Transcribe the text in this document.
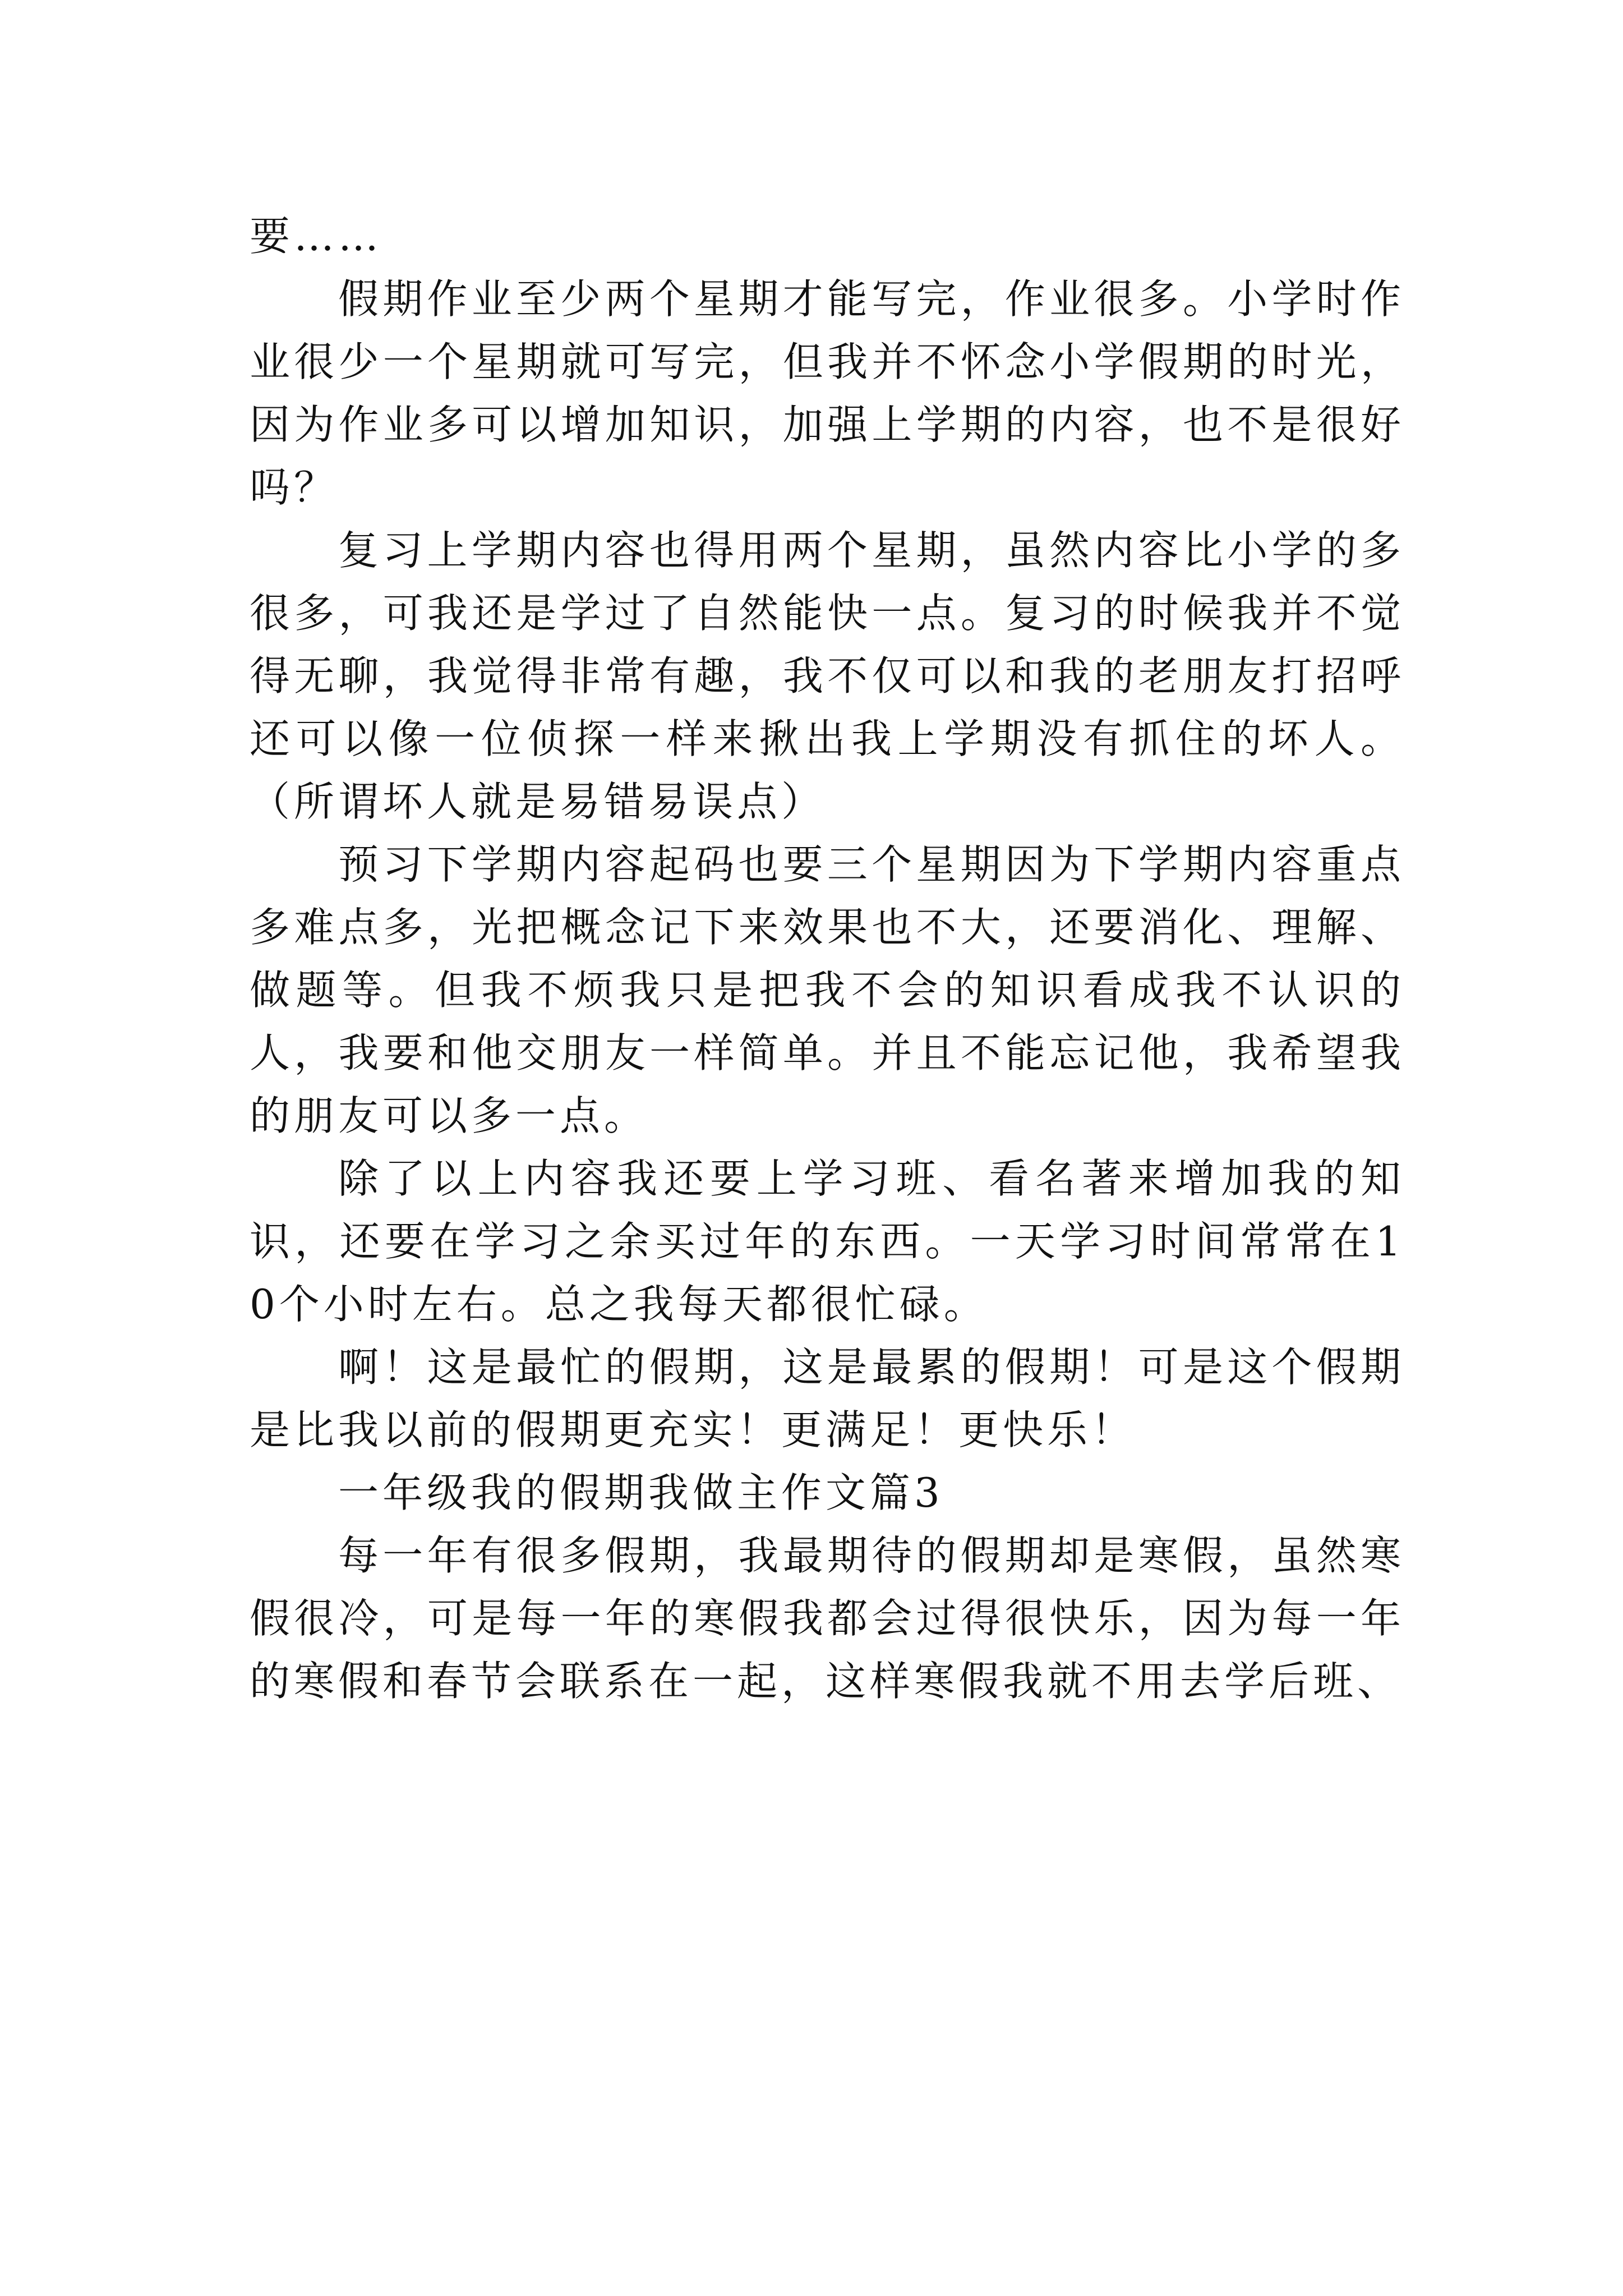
要……

假期作业至少两个星期才能写完，作业很多。小学时作业很少一个星期就可写完，但我并不怀念小学假期的时光，因为作业多可以增加知识，加强上学期的内容，也不是很好吗？

复习上学期内容也得用两个星期，虽然内容比小学的多很多，可我还是学过了自然能快一点。复习的时候我并不觉得无聊，我觉得非常有趣，我不仅可以和我的老朋友打招呼还可以像一位侦探一样来揪出我上学期没有抓住的坏人。（所谓坏人就是易错易误点）

预习下学期内容起码也要三个星期因为下学期内容重点多难点多，光把概念记下来效果也不大，还要消化、理解、做题等。但我不烦我只是把我不会的知识看成我不认识的人，我要和他交朋友一样简单。并且不能忘记他，我希望我的朋友可以多一点。

除了以上内容我还要上学习班、看名著来增加我的知识，还要在学习之余买过年的东西。一天学习时间常常在10个小时左右。总之我每天都很忙碌。

啊！这是最忙的假期，这是最累的假期！可是这个假期是比我以前的假期更充实！更满足！更快乐！

一年级我的假期我做主作文篇3

每一年有很多假期，我最期待的假期却是寒假，虽然寒假很冷，可是每一年的寒假我都会过得很快乐，因为每一年的寒假和春节会联系在一起，这样寒假我就不用去学后班、
